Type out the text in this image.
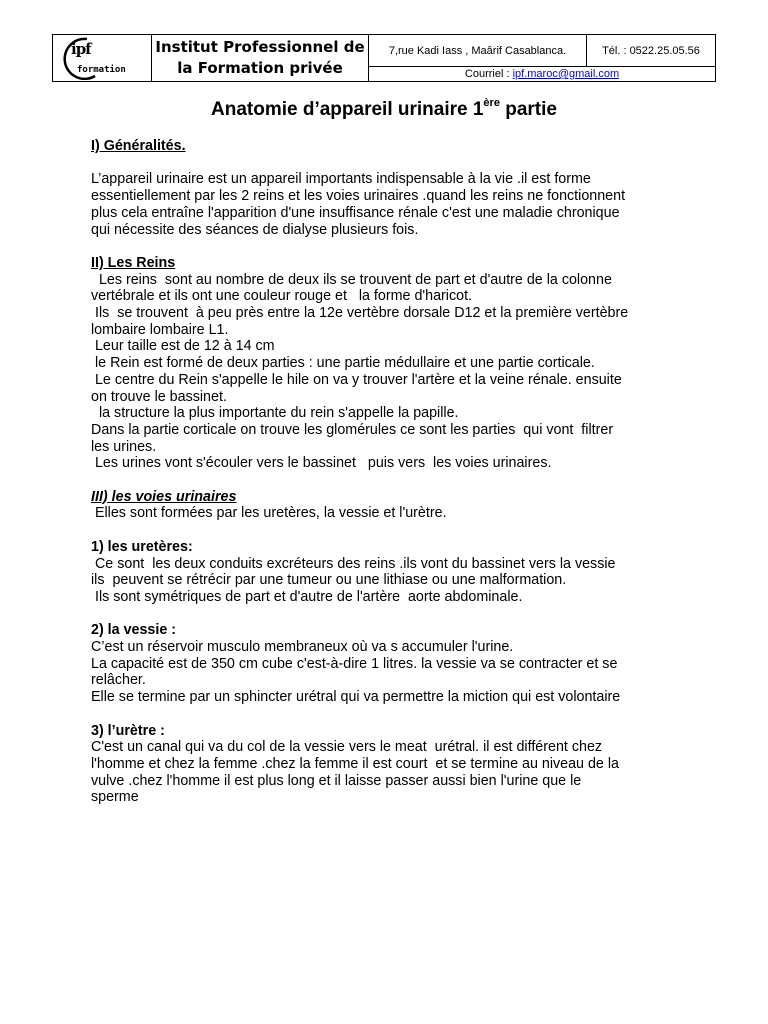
ipf
formation
	Institut Professionnel de la Formation privée	7,rue Kadi Iass , Maârif Casablanca.	Tél. : 0522.25.05.56
Courriel : ipf.maroc@gmail.com
Anatomie d’appareil urinaire 1ère partie
I) Généralités.
L’appareil urinaire est un appareil importants indispensable à la vie .il est forme
essentiellement par les 2 reins et les voies urinaires .quand les reins ne fonctionnent
plus cela entraîne l'apparition d'une insuffisance rénale c'est une maladie chronique
qui nécessite des séances de dialyse plusieurs fois.
II) Les Reins
Les reins  sont au nombre de deux ils se trouvent de part et d'autre de la colonne
vertébrale et ils ont une couleur rouge et   la forme d'haricot.
Ils  se trouvent  à peu près entre la 12e vertèbre dorsale D12 et la première vertèbre
lombaire lombaire L1.
Leur taille est de 12 à 14 cm
le Rein est formé de deux parties : une partie médullaire et une partie corticale.
Le centre du Rein s'appelle le hile on va y trouver l'artère et la veine rénale. ensuite
on trouve le bassinet.
la structure la plus importante du rein s'appelle la papille.
Dans la partie corticale on trouve les glomérules ce sont les parties  qui vont  filtrer
les urines.
Les urines vont s'écouler vers le bassinet   puis vers  les voies urinaires.
III) les voies urinaires
Elles sont formées par les uretères, la vessie et l'urètre.
1) les uretères:
Ce sont  les deux conduits excréteurs des reins .ils vont du bassinet vers la vessie
ils  peuvent se rétrécir par une tumeur ou une lithiase ou une malformation.
Ils sont symétriques de part et d'autre de l'artère  aorte abdominale.
2) la vessie :
C’est un réservoir musculo membraneux où va s accumuler l'urine.
La capacité est de 350 cm cube c'est-à-dire 1 litres. la vessie va se contracter et se
relâcher.
Elle se termine par un sphincter urétral qui va permettre la miction qui est volontaire
3) l’urètre :
C'est un canal qui va du col de la vessie vers le meat  urétral. il est différent chez
l'homme et chez la femme .chez la femme il est court  et se termine au niveau de la
vulve .chez l'homme il est plus long et il laisse passer aussi bien l'urine que le
sperme
